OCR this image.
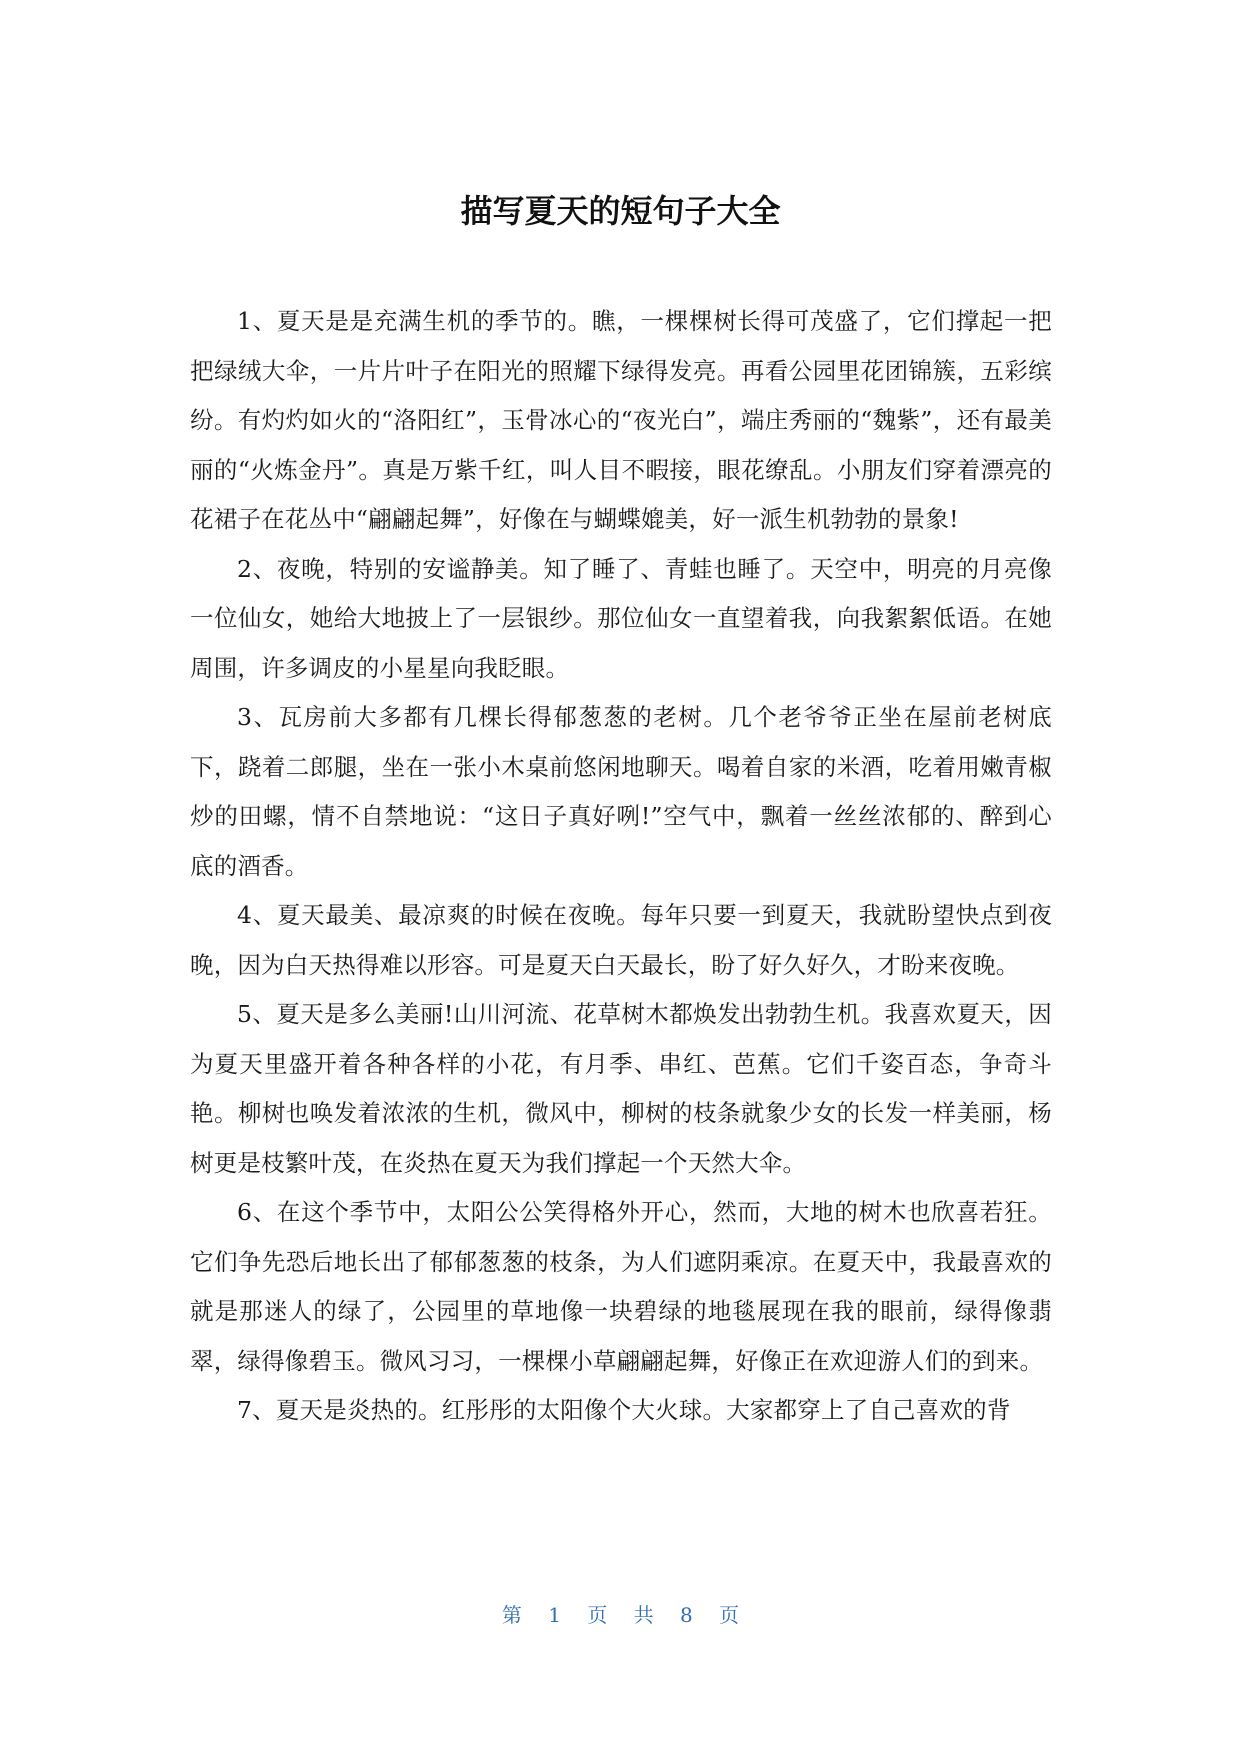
描写夏天的短句子大全

1、夏天是是充满生机的季节的。瞧，一棵棵树长得可茂盛了，它们撑起一把把绿绒大伞，一片片叶子在阳光的照耀下绿得发亮。再看公园里花团锦簇，五彩缤纷。有灼灼如火的“洛阳红”，玉骨冰心的“夜光白”，端庄秀丽的“魏紫”，还有最美丽的“火炼金丹”。真是万紫千红，叫人目不暇接，眼花缭乱。小朋友们穿着漂亮的花裙子在花丛中“翩翩起舞”，好像在与蝴蝶媲美，好一派生机勃勃的景象!

2、夜晚，特别的安谧静美。知了睡了、青蛙也睡了。天空中，明亮的月亮像一位仙女，她给大地披上了一层银纱。那位仙女一直望着我，向我絮絮低语。在她周围，许多调皮的小星星向我眨眼。

3、瓦房前大多都有几棵长得郁葱葱的老树。几个老爷爷正坐在屋前老树底下，跷着二郎腿，坐在一张小木桌前悠闲地聊天。喝着自家的米酒，吃着用嫩青椒炒的田螺，情不自禁地说：“这日子真好咧!”空气中，飘着一丝丝浓郁的、醉到心底的酒香。

4、夏天最美、最凉爽的时候在夜晚。每年只要一到夏天，我就盼望快点到夜晚，因为白天热得难以形容。可是夏天白天最长，盼了好久好久，才盼来夜晚。

5、夏天是多么美丽!山川河流、花草树木都焕发出勃勃生机。我喜欢夏天，因为夏天里盛开着各种各样的小花，有月季、串红、芭蕉。它们千姿百态，争奇斗艳。柳树也唤发着浓浓的生机，微风中，柳树的枝条就象少女的长发一样美丽，杨树更是枝繁叶茂，在炎热在夏天为我们撑起一个天然大伞。

6、在这个季节中，太阳公公笑得格外开心，然而，大地的树木也欣喜若狂。它们争先恐后地长出了郁郁葱葱的枝条，为人们遮阴乘凉。在夏天中，我最喜欢的就是那迷人的绿了，公园里的草地像一块碧绿的地毯展现在我的眼前，绿得像翡翠，绿得像碧玉。微风习习，一棵棵小草翩翩起舞，好像正在欢迎游人们的到来。

7、夏天是炎热的。红彤彤的太阳像个大火球。大家都穿上了自己喜欢的背

第 1 页 共 8 页
